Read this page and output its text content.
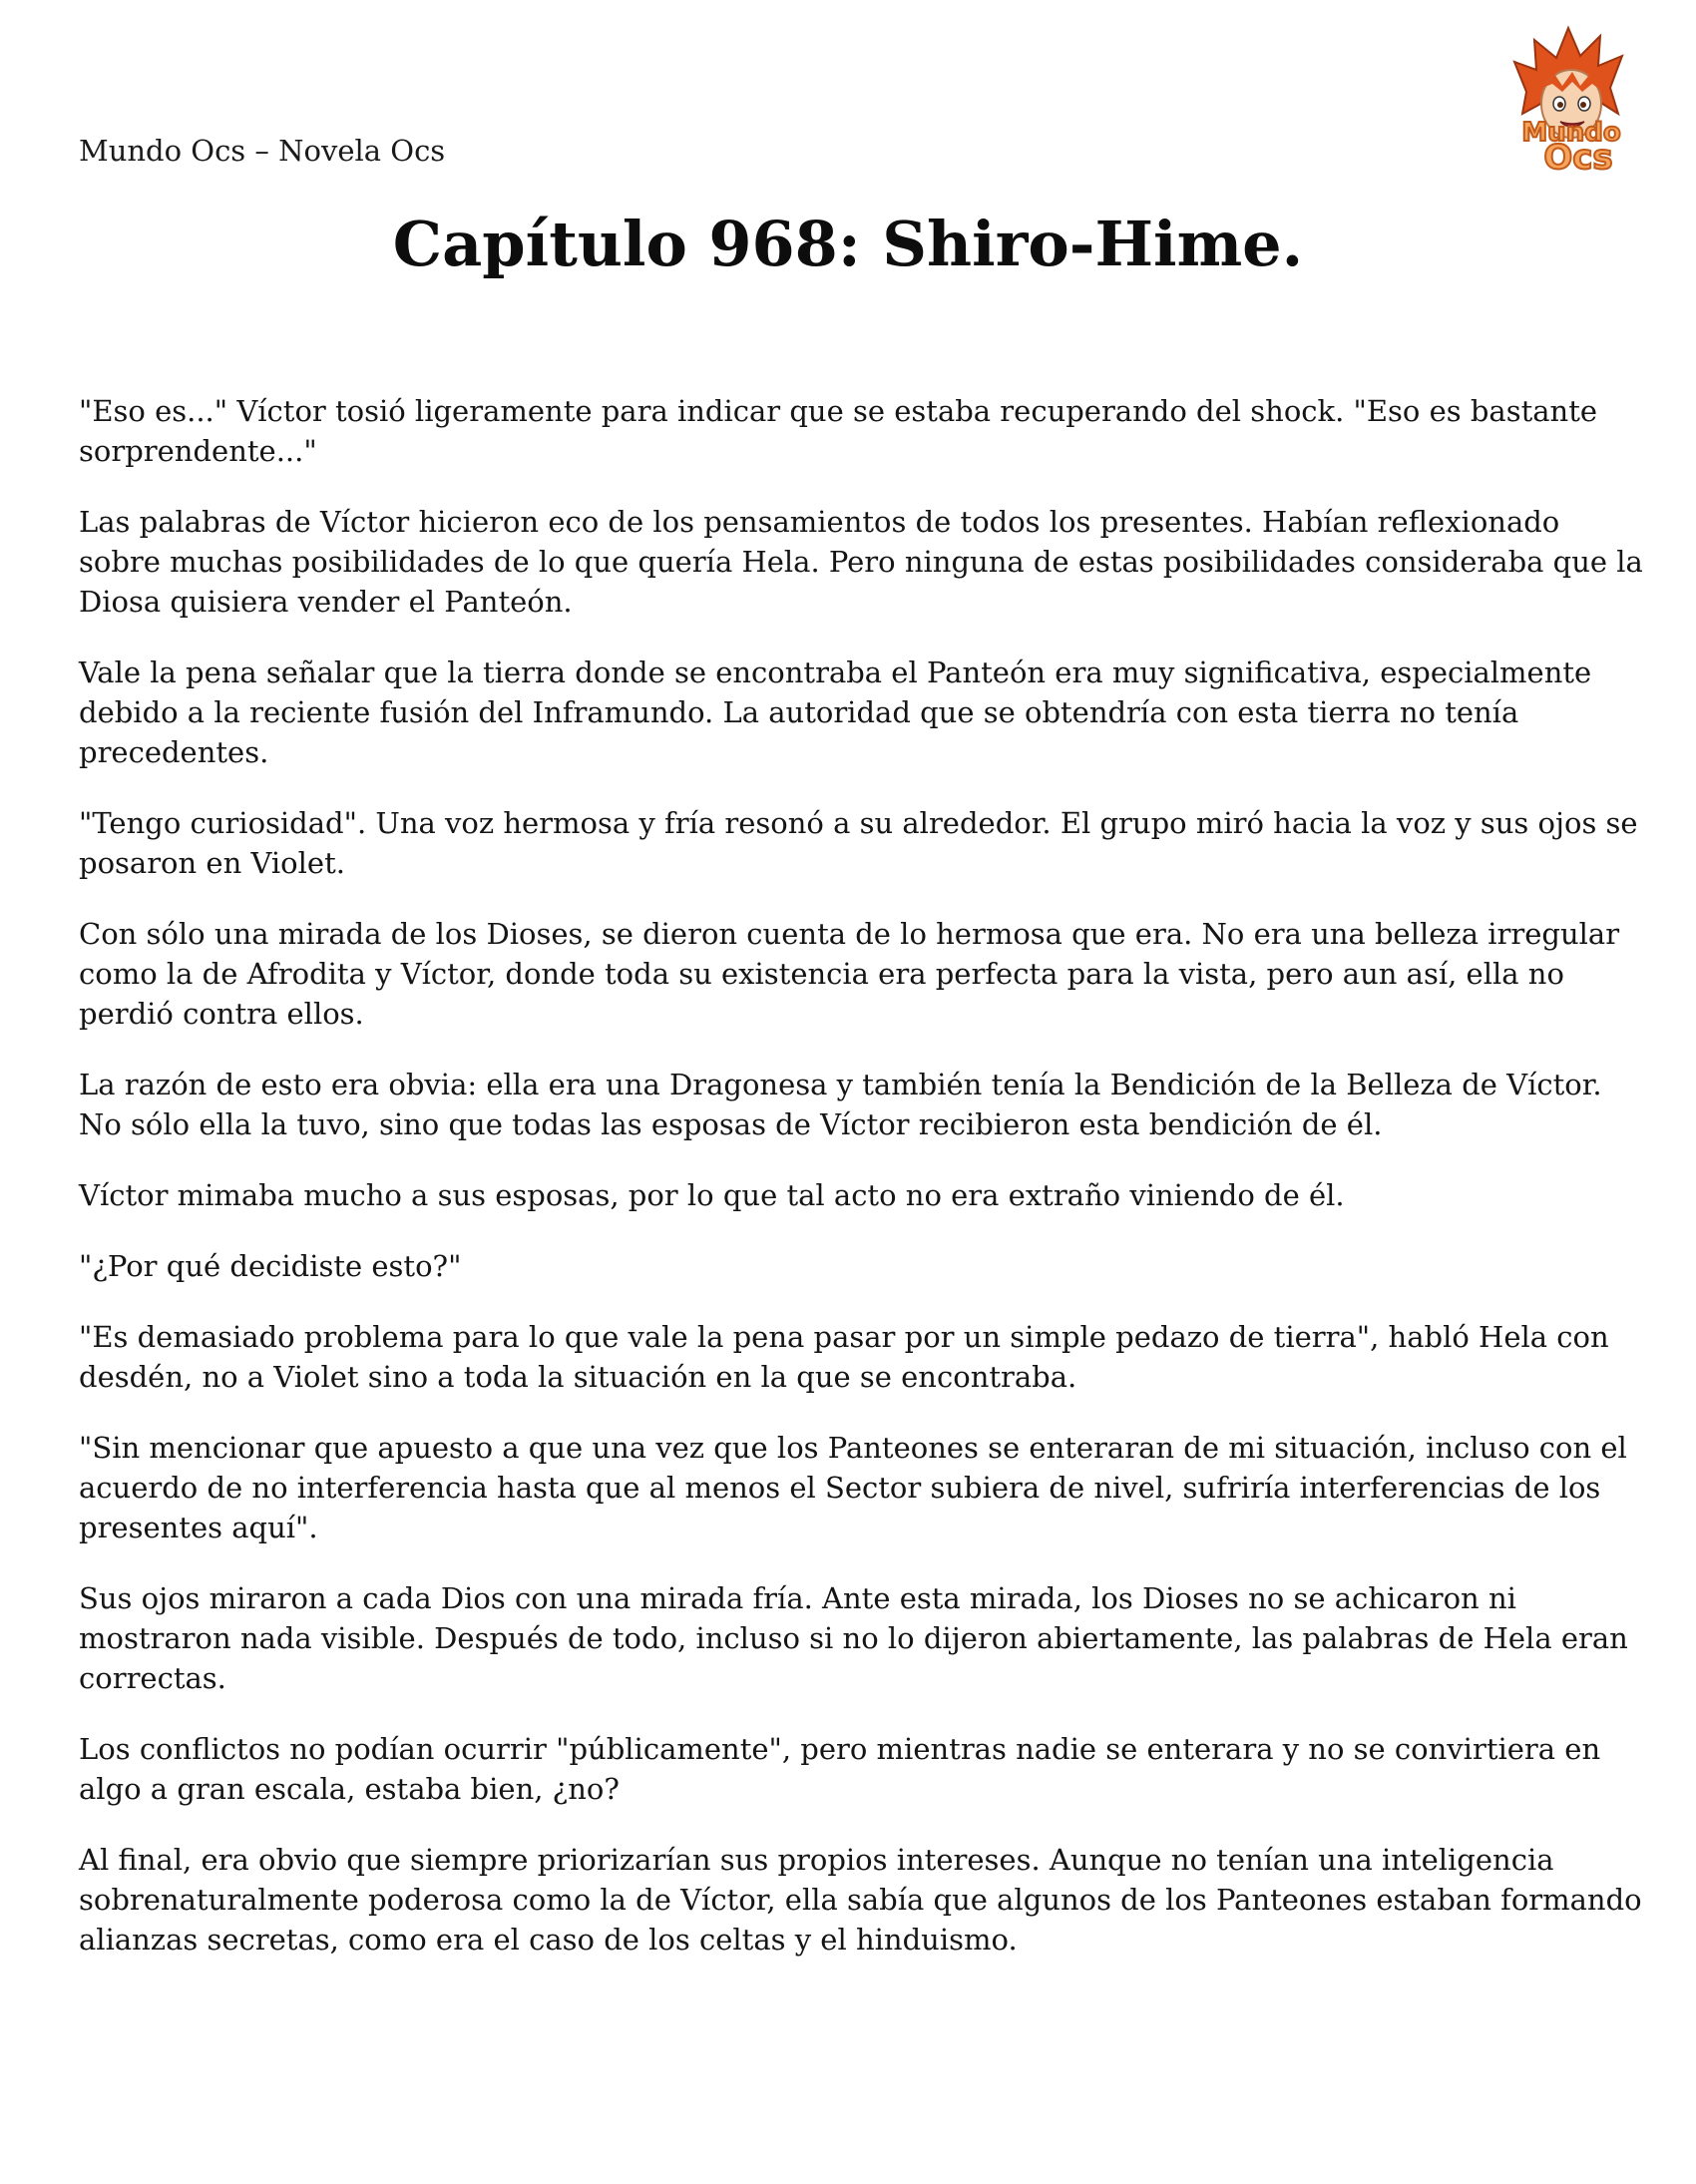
Mundo Ocs – Novela Ocs
Mundo
Ocs
Capítulo 968: Shiro-Hime.

"Eso es..." Víctor tosió ligeramente para indicar que se estaba recuperando del shock. "Eso es bastante sorprendente..."

Las palabras de Víctor hicieron eco de los pensamientos de todos los presentes. Habían reflexionado sobre muchas posibilidades de lo que quería Hela. Pero ninguna de estas posibilidades consideraba que la Diosa quisiera vender el Panteón.

Vale la pena señalar que la tierra donde se encontraba el Panteón era muy significativa, especialmente debido a la reciente fusión del Inframundo. La autoridad que se obtendría con esta tierra no tenía precedentes.

"Tengo curiosidad". Una voz hermosa y fría resonó a su alrededor. El grupo miró hacia la voz y sus ojos se posaron en Violet.

Con sólo una mirada de los Dioses, se dieron cuenta de lo hermosa que era. No era una belleza irregular como la de Afrodita y Víctor, donde toda su existencia era perfecta para la vista, pero aun así, ella no perdió contra ellos.

La razón de esto era obvia: ella era una Dragonesa y también tenía la Bendición de la Belleza de Víctor. No sólo ella la tuvo, sino que todas las esposas de Víctor recibieron esta bendición de él.

Víctor mimaba mucho a sus esposas, por lo que tal acto no era extraño viniendo de él.

"¿Por qué decidiste esto?"

"Es demasiado problema para lo que vale la pena pasar por un simple pedazo de tierra", habló Hela con desdén, no a Violet sino a toda la situación en la que se encontraba.

"Sin mencionar que apuesto a que una vez que los Panteones se enteraran de mi situación, incluso con el acuerdo de no interferencia hasta que al menos el Sector subiera de nivel, sufriría interferencias de los presentes aquí".

Sus ojos miraron a cada Dios con una mirada fría. Ante esta mirada, los Dioses no se achicaron ni mostraron nada visible. Después de todo, incluso si no lo dijeron abiertamente, las palabras de Hela eran correctas.

Los conflictos no podían ocurrir "públicamente", pero mientras nadie se enterara y no se convirtiera en algo a gran escala, estaba bien, ¿no?

Al final, era obvio que siempre priorizarían sus propios intereses. Aunque no tenían una inteligencia sobrenaturalmente poderosa como la de Víctor, ella sabía que algunos de los Panteones estaban formando alianzas secretas, como era el caso de los celtas y el hinduismo.
